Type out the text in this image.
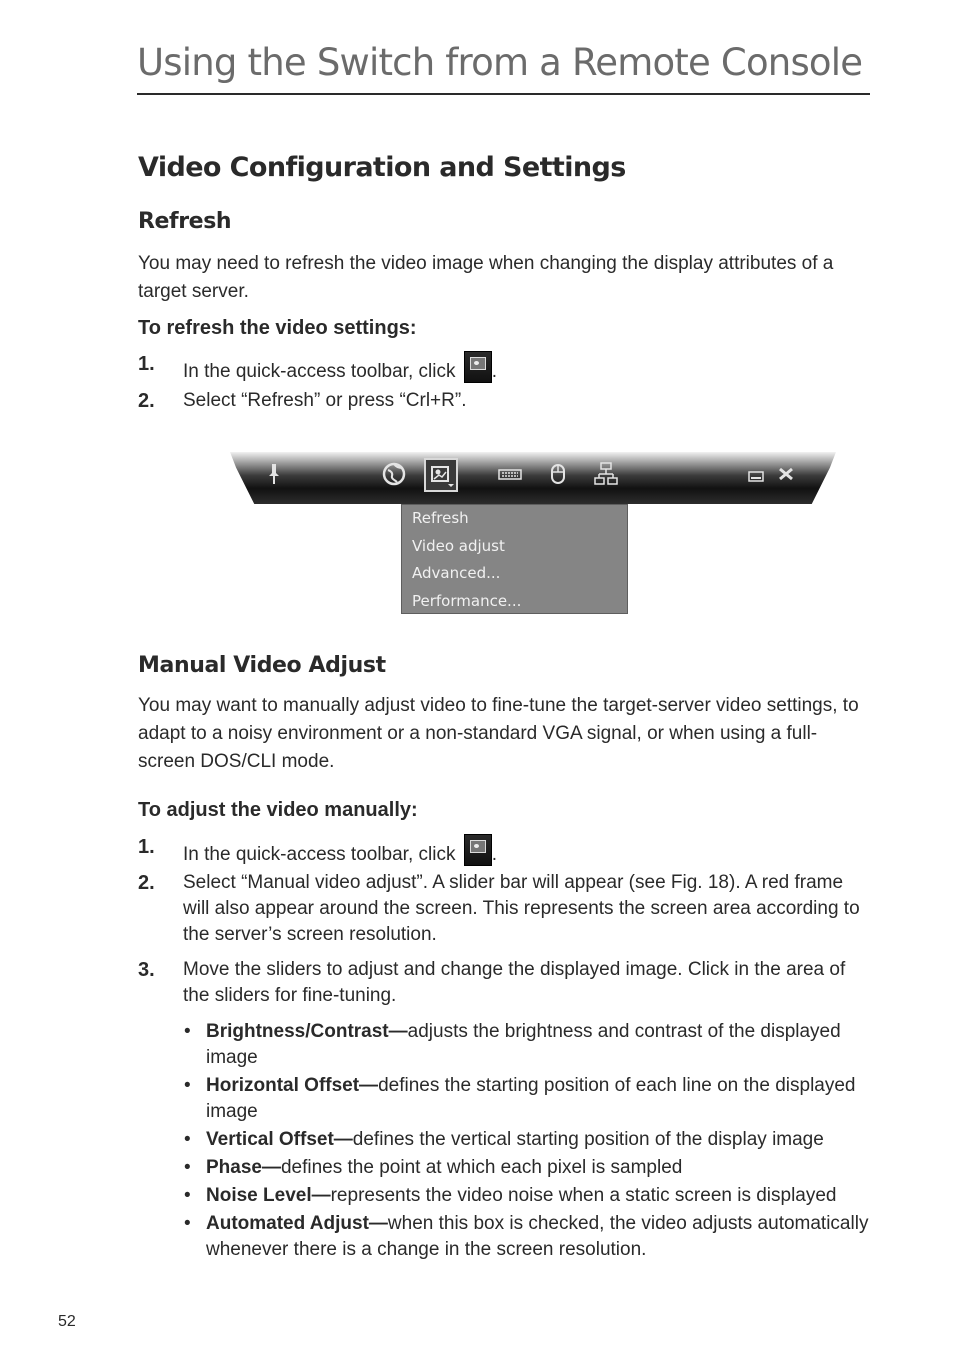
Using the Switch from a Remote Console
Video Configuration and Settings
Refresh

You may need to refresh the video image when changing the display attributes of a target server.

To refresh the video settings:
1. In the quick-access toolbar, click .
2. Select “Refresh” or press “Crl+R”.
Refresh
Video adjust
Advanced...
Performance...
Manual Video Adjust

You may want to manually adjust video to fine-tune the target-server video settings, to adapt to a noisy environment or a non-standard VGA signal, or when using a full-screen DOS/CLI mode.

To adjust the video manually:
1. In the quick-access toolbar, click .
2. Select “Manual video adjust”. A slider bar will appear (see Fig. 18). A red frame will also appear around the screen. This represents the screen area according to the server’s screen resolution.
3. Move the sliders to adjust and change the displayed image. Click in the area of the sliders for fine-tuning.
• Brightness/Contrast—adjusts the brightness and contrast of the displayed image
• Horizontal Offset—defines the starting position of each line on the displayed image
• Vertical Offset—defines the vertical starting position of the display image
• Phase—defines the point at which each pixel is sampled
• Noise Level—represents the video noise when a static screen is displayed
• Automated Adjust—when this box is checked, the video adjusts automatically whenever there is a change in the screen resolution.
52
